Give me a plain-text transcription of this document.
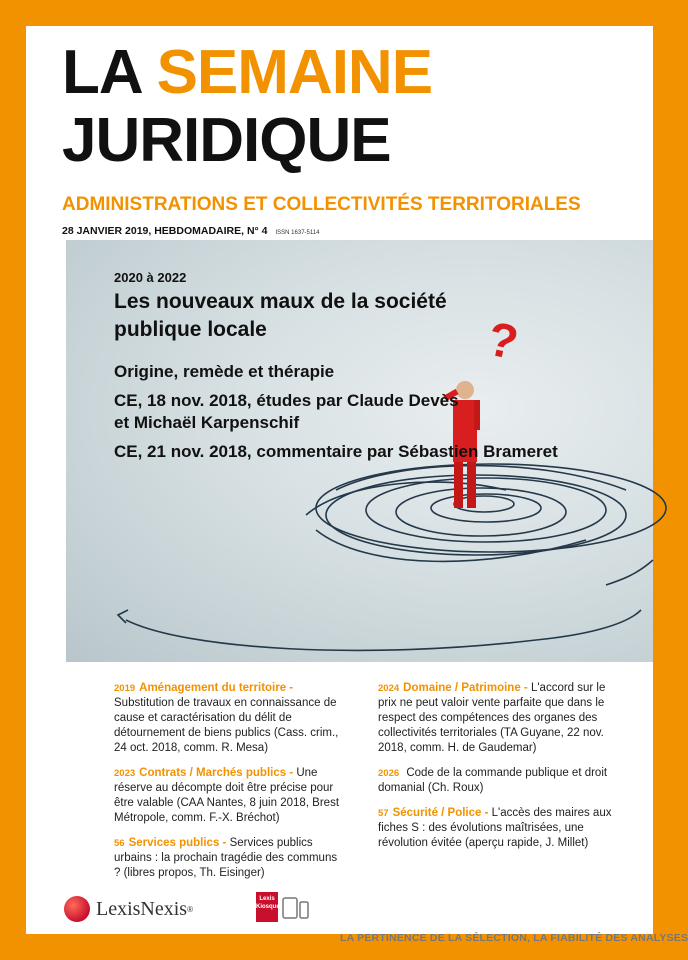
LA SEMAINE
JURIDIQUE
ADMINISTRATIONS ET COLLECTIVITÉS TERRITORIALES
28 JANVIER 2019, HEBDOMADAIRE, N° 4 ISSN 1637-5114
?
2020 à 2022
Les nouveaux maux de la société
publique locale
Origine, remède et thérapie
CE, 18 nov. 2018, études par Claude Devès
et Michaël Karpenschif
CE, 21 nov. 2018, commentaire par Sébastien Brameret
2019 Aménagement du territoire - Substitution de travaux en connaissance de cause et caractérisation du délit de détournement de biens publics (Cass. crim., 24 oct. 2018, comm. R. Mesa)
2023 Contrats / Marchés publics - Une réserve au décompte doit être précise pour être valable (CAA Nantes, 8 juin 2018, Brest Métropole, comm. F.-X. Bréchot)
56 Services publics - Services publics urbains : la prochain tragédie des communs ? (libres propos, Th. Eisinger)
2024 Domaine / Patrimoine - L'accord sur le prix ne peut valoir vente parfaite que dans le respect des compétences des organes des collectivités territoriales (TA Guyane, 22 nov. 2018, comm. H. de Gaudemar)
2026 Code de la commande publique et droit domanial (Ch. Roux)
57 Sécurité / Police - L'accès des maires aux fiches S : des évolutions maîtrisées, une révolution évitée (aperçu rapide, J. Millet)
LexisNexis ®
Lexis
Kiosque
LA PERTINENCE DE LA SÉLECTION, LA FIABILITÉ DES ANALYSES
